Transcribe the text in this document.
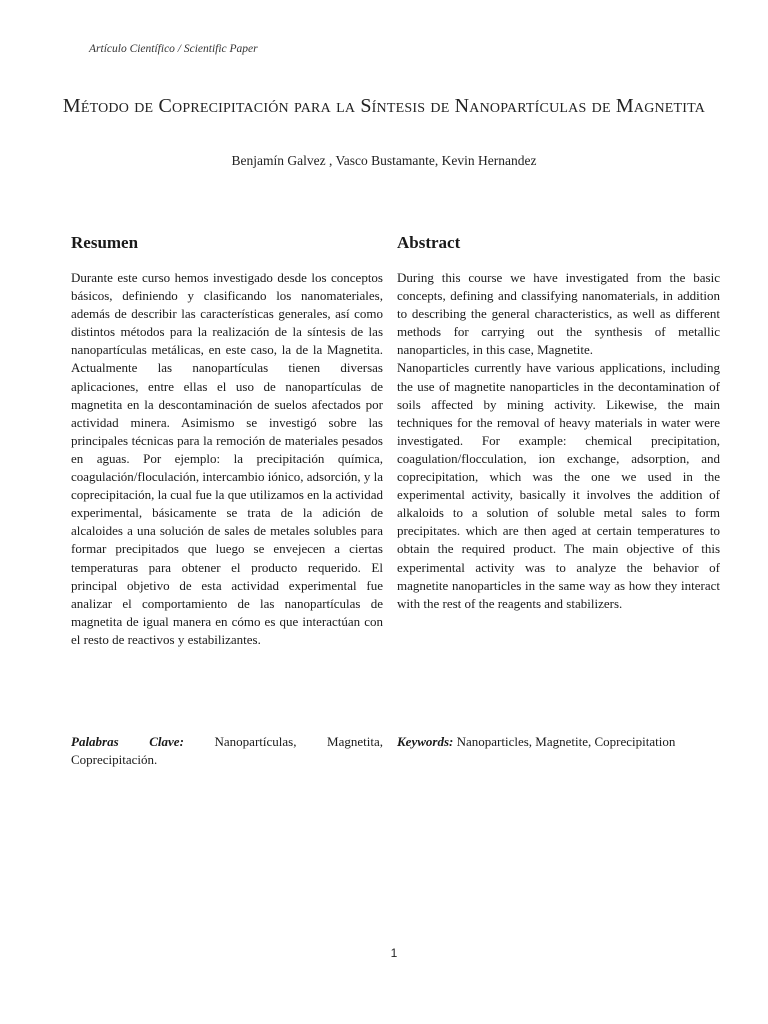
Artículo Científico / Scientific Paper
Método de Coprecipitación para la Síntesis de Nanopartículas de Magnetita
Benjamín Galvez , Vasco Bustamante, Kevin Hernandez
Resumen

Durante este curso hemos investigado desde los conceptos básicos, definiendo y clasificando los nanomateriales, además de describir las características generales, así como distintos métodos para la realización de la síntesis de las nanopartículas metálicas, en este caso, la de la Magnetita. Actualmente las nanopartículas tienen diversas aplicaciones, entre ellas el uso de nanopartículas de magnetita en la descontaminación de suelos afectados por actividad minera. Asimismo se investigó sobre las principales técnicas para la remoción de materiales pesados en aguas. Por ejemplo: la precipitación química, coagulación/floculación, intercambio iónico, adsorción, y la coprecipitación, la cual fue la que utilizamos en la actividad experimental, básicamente se trata de la adición de alcaloides a una solución de sales de metales solubles para formar precipitados que luego se envejecen a ciertas temperaturas para obtener el producto requerido. El principal objetivo de esta actividad experimental fue analizar el comportamiento de las nanopartículas de magnetita de igual manera en cómo es que interactúan con el resto de reactivos y estabilizantes.

Abstract

During this course we have investigated from the basic concepts, defining and classifying nanomaterials, in addition to describing the general characteristics, as well as different methods for carrying out the synthesis of metallic nanoparticles, in this case, Magnetite.

Nanoparticles currently have various applications, including the use of magnetite nanoparticles in the decontamination of soils affected by mining activity. Likewise, the main techniques for the removal of heavy materials in water were investigated. For example: chemical precipitation, coagulation/flocculation, ion exchange, adsorption, and coprecipitation, which was the one we used in the experimental activity, basically it involves the addition of alkaloids to a solution of soluble metal sales to form precipitates. which are then aged at certain temperatures to obtain the required product. The main objective of this experimental activity was to analyze the behavior of magnetite nanoparticles in the same way as how they interact with the rest of the reagents and stabilizers.

Palabras Clave: Nanopartículas, Magnetita, Coprecipitación.
Keywords: Nanoparticles, Magnetite, Coprecipitation
1
